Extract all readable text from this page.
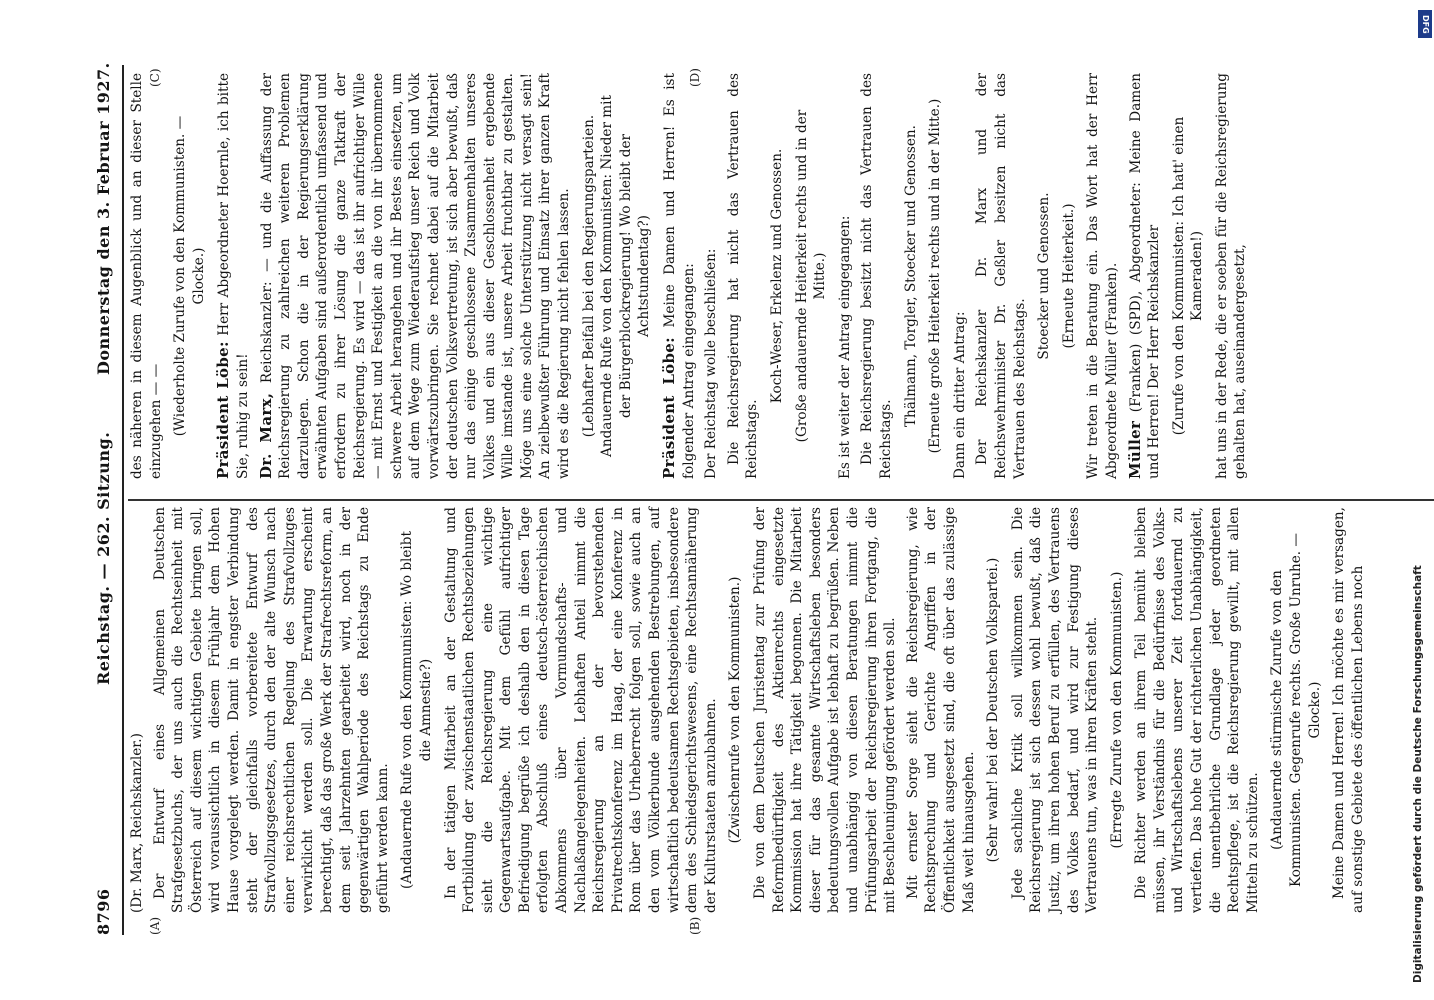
8796
Reichstag. — 262. Sitzung.
Donnerstag den 3. Februar 1927.
(A)	(B)
(C)	(D)

(Dr. Marx, Reichskanzler.) Der Entwurf eines Allgemeinen Deutschen Strafgesetzbuchs, der uns auch die Rechtseinheit mit Österreich auf diesem wichtigen Gebiete bringen soll, wird voraussichtlich in diesem Frühjahr dem Hohen Hause vorgelegt werden. Damit in engster Verbindung steht der gleichfalls vorbereitete Entwurf des Strafvollzugsgesetzes, durch den der alte Wunsch nach einer reichsrechtlichen Regelung des Strafvollzuges verwirklicht werden soll. Die Erwartung erscheint berechtigt, daß das große Werk der Strafrechtsreform, an dem seit Jahrzehnten gearbeitet wird, noch in der gegenwärtigen Wahlperiode des Reichstags zu Ende geführt werden kann. (Andauernde Rufe von den Kommunisten: Wo bleibt die Amnestie?) In der tätigen Mitarbeit an der Gestaltung und Fortbildung der zwischenstaatlichen Rechtsbeziehungen sieht die Reichsregierung eine wichtige Gegenwartsaufgabe. Mit dem Gefühl aufrichtiger Befriedigung begrüße ich deshalb den in diesen Tage erfolgten Abschluß eines deutsch-österreichischen Abkommens über Vormundschafts- und Nachlaßangelegenheiten. Lebhaften Anteil nimmt die Reichsregierung an der bevorstehenden Privatrechtskonferenz im Haag, der eine Konferenz in Rom über das Urheberrecht folgen soll, sowie auch an den vom Völkerbunde ausgehenden Bestrebungen, auf wirtschaftlich bedeutsamen Rechtsgebieten, insbesondere dem des Schiedsgerichtswesens, eine Rechtsannäherung der Kulturstaaten anzubahnen. (Zwischenrufe von den Kommunisten.) Die von dem Deutschen Juristentag zur Prüfung der Reformbedürftigkeit des Aktienrechts eingesetzte Kommission hat ihre Tätigkeit begonnen. Die Mitarbeit dieser für das gesamte Wirtschaftsleben besonders bedeutungsvollen Aufgabe ist lebhaft zu begrüßen. Neben und unabhängig von diesen Beratungen nimmt die Prüfungsarbeit der Reichsregierung ihren Fortgang, die mit Beschleunigung gefördert werden soll. Mit ernster Sorge sieht die Reichsregierung, wie Rechtsprechung und Gerichte Angriffen in der Öffentlichkeit ausgesetzt sind, die oft über das zulässige Maß weit hinausgehen. (Sehr wahr! bei der Deutschen Volkspartei.) Jede sachliche Kritik soll willkommen sein. Die Reichsregierung ist sich dessen wohl bewußt, daß die Justiz, um ihren hohen Beruf zu erfüllen, des Vertrauens des Volkes bedarf, und wird zur Festigung dieses Vertrauens tun, was in ihren Kräften steht. (Erregte Zurufe von den Kommunisten.) Die Richter werden an ihrem Teil bemüht bleiben müssen, ihr Verständnis für die Bedürfnisse des Volks- und Wirtschaftslebens unserer Zeit fortdauernd zu vertiefen. Das hohe Gut der richterlichen Unabhängigkeit, die unentbehrliche Grundlage jeder geordneten Rechtspflege, ist die Reichsregierung gewillt, mit allen Mitteln zu schützen. (Andauernde stürmische Zurufe von den Kommunisten. Gegenrufe rechts. Große Unruhe. — Glocke.) Meine Damen und Herren! Ich möchte es mir versagen, auf sonstige Gebiete des öffentlichen Lebens noch

des näheren in diesem Augenblick und an dieser Stelle einzugehen — — (Wiederholte Zurufe von den Kommunisten. — Glocke.)

Präsident Löbe: Herr Abgeordneter Hoernle, ich bitte Sie, ruhig zu sein! Dr. Marx, Reichskanzler: — und die Auffassung der Reichsregierung zu zahlreichen weiteren Problemen darzulegen. Schon die in der Regierungserklärung erwähnten Aufgaben sind außerordentlich umfassend und erfordern zu ihrer Lösung die ganze Tatkraft der Reichsregierung. Es wird — das ist ihr aufrichtiger Wille — mit Ernst und Festigkeit an die von ihr übernommene schwere Arbeit herangehen und ihr Bestes einsetzen, um auf dem Wege zum Wiederaufstieg unser Reich und Volk vorwärtszubringen. Sie rechnet dabei auf die Mitarbeit der deutschen Volksvertretung, ist sich aber bewußt, daß nur das einige geschlossene Zusammenhalten unseres Volkes und ein aus dieser Geschlossenheit ergebende Wille imstande ist, unsere Arbeit fruchtbar zu gestalten. Möge uns eine solche Unterstützung nicht versagt sein! An zielbewußter Führung und Einsatz ihrer ganzen Kraft wird es die Regierung nicht fehlen lassen. (Lebhafter Beifall bei den Regierungsparteien. Andauernde Rufe von den Kommunisten: Nieder mit der Bürgerblockregierung! Wo bleibt der Achtstundentag?)

Präsident Löbe: Meine Damen und Herren! Es ist folgender Antrag eingegangen: Der Reichstag wolle beschließen: Die Reichsregierung hat nicht das Vertrauen des Reichstags.

Koch-Weser, Erkelenz und Genossen. (Große andauernde Heiterkeit rechts und in der Mitte.) Es ist weiter der Antrag eingegangen: Die Reichsregierung besitzt nicht das Vertrauen des Reichstags.

Thälmann, Torgler, Stoecker und Genossen. (Erneute große Heiterkeit rechts und in der Mitte.) Dann ein dritter Antrag: Der Reichskanzler Dr. Marx und der Reichswehrminister Dr. Geßler besitzen nicht das Vertrauen des Reichstags.

Stoecker und Genossen. (Erneute Heiterkeit.) Wir treten in die Beratung ein. Das Wort hat der Herr Abgeordnete Müller (Franken). Müller (Franken) (SPD), Abgeordneter: Meine Damen und Herren! Der Herr Reichskanzler (Zurufe von den Kommunisten: Ich hatt' einen Kameraden!) hat uns in der Rede, die er soeben für die Reichsregierung gehalten hat, auseinandergesetzt,

DFG
Digitalisierung gefördert durch die Deutsche Forschungsgemeinschaft
